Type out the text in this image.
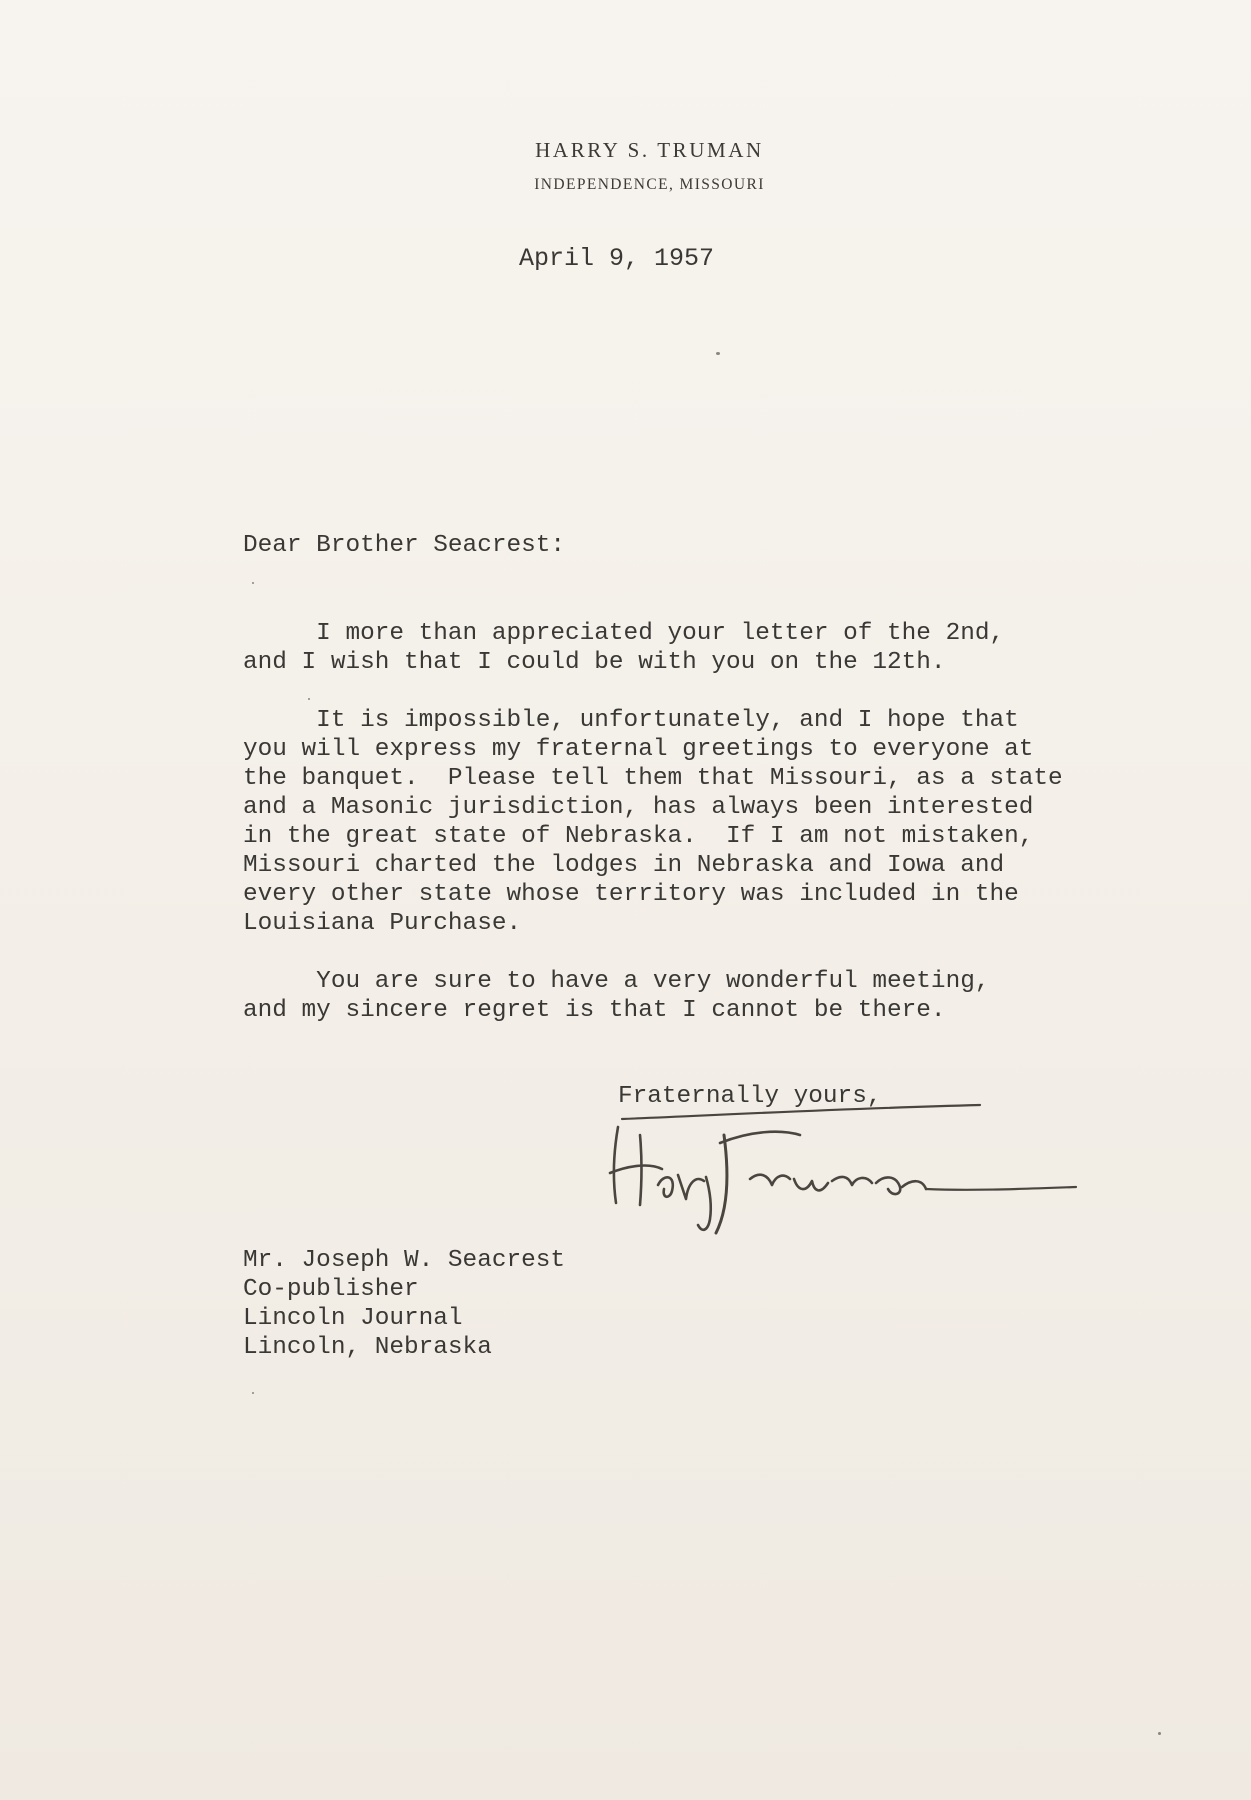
HARRY S. TRUMAN
INDEPENDENCE, MISSOURI
April 9, 1957
Dear Brother Seacrest:
I more than appreciated your letter of the 2nd,
and I wish that I could be with you on the 12th.
It is impossible, unfortunately, and I hope that
you will express my fraternal greetings to everyone at
the banquet.  Please tell them that Missouri, as a state
and a Masonic jurisdiction, has always been interested
in the great state of Nebraska.  If I am not mistaken,
Missouri charted the lodges in Nebraska and Iowa and
every other state whose territory was included in the
Louisiana Purchase.
You are sure to have a very wonderful meeting,
and my sincere regret is that I cannot be there.
Fraternally yours,
Mr. Joseph W. Seacrest
Co-publisher
Lincoln Journal
Lincoln, Nebraska
